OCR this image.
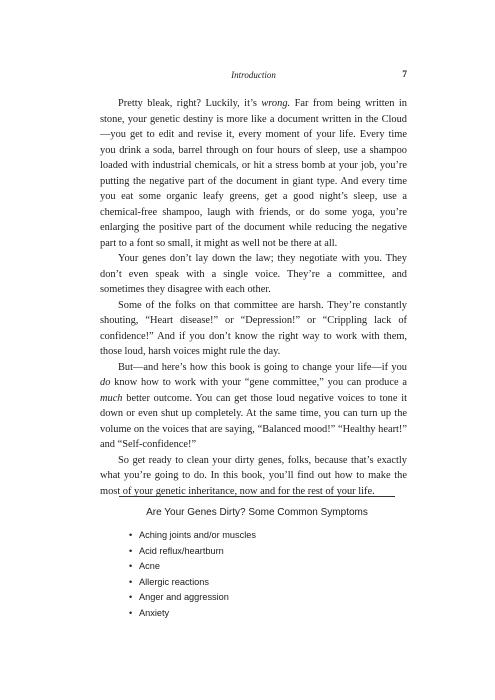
Introduction	7

Pretty bleak, right? Luckily, it’s wrong. Far from being written in stone, your genetic destiny is more like a document written in the Cloud—you get to edit and revise it, every moment of your life. Every time you drink a soda, barrel through on four hours of sleep, use a shampoo loaded with industrial chemicals, or hit a stress bomb at your job, you’re putting the negative part of the document in giant type. And every time you eat some organic leafy greens, get a good night’s sleep, use a chemical-free shampoo, laugh with friends, or do some yoga, you’re enlarging the positive part of the document while reducing the negative part to a font so small, it might as well not be there at all.

Your genes don’t lay down the law; they negotiate with you. They don’t even speak with a single voice. They’re a committee, and sometimes they disagree with each other.

Some of the folks on that committee are harsh. They’re constantly shouting, “Heart disease!” or “Depression!” or “Crippling lack of confidence!” And if you don’t know the right way to work with them, those loud, harsh voices might rule the day.

But—and here’s how this book is going to change your life—if you do know how to work with your “gene committee,” you can produce a much better outcome. You can get those loud negative voices to tone it down or even shut up completely. At the same time, you can turn up the volume on the voices that are saying, “Balanced mood!” “Healthy heart!” and “Self-confidence!”

So get ready to clean your dirty genes, folks, because that’s exactly what you’re going to do. In this book, you’ll find out how to make the most of your genetic inheritance, now and for the rest of your life.

Are Your Genes Dirty? Some Common Symptoms
• Aching joints and/or muscles
• Acid reflux/heartburn
• Acne
• Allergic reactions
• Anger and aggression
• Anxiety
